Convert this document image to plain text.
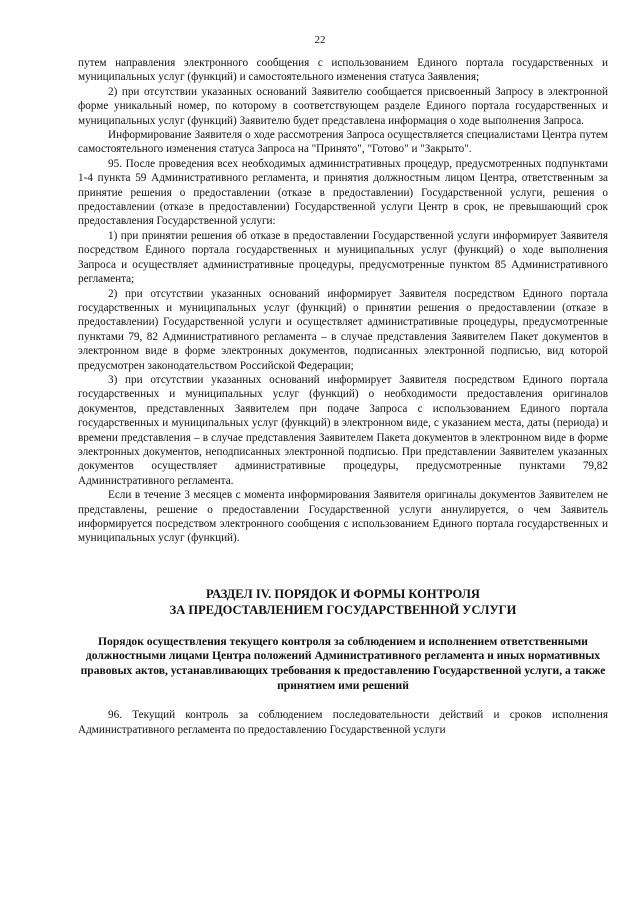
22

путем направления электронного сообщения с использованием Единого портала государственных и муниципальных услуг (функций) и самостоятельного изменения статуса Заявления;

2) при отсутствии указанных оснований Заявителю сообщается присвоенный Запросу в электронной форме уникальный номер, по которому в соответствующем разделе Единого портала государственных и муниципальных услуг (функций) Заявителю будет представлена информация о ходе выполнения Запроса.

Информирование Заявителя о ходе рассмотрения Запроса осуществляется специалистами Центра путем самостоятельного изменения статуса Запроса на "Принято", "Готово" и "Закрыто".

95. После проведения всех необходимых административных процедур, предусмотренных подпунктами 1-4 пункта 59 Административного регламента, и принятия должностным лицом Центра, ответственным за принятие решения о предоставлении (отказе в предоставлении) Государственной услуги, решения о предоставлении (отказе в предоставлении) Государственной услуги Центр в срок, не превышающий срок предоставления Государственной услуги:

1) при принятии решения об отказе в предоставлении Государственной услуги информирует Заявителя посредством Единого портала государственных и муниципальных услуг (функций) о ходе выполнения Запроса и осуществляет административные процедуры, предусмотренные пунктом 85 Административного регламента;

2) при отсутствии указанных оснований информирует Заявителя посредством Единого портала государственных и муниципальных услуг (функций) о принятии решения о предоставлении (отказе в предоставлении) Государственной услуги и осуществляет административные процедуры, предусмотренные пунктами 79, 82 Административного регламента – в случае представления Заявителем Пакет документов в электронном виде в форме электронных документов, подписанных электронной подписью, вид которой предусмотрен законодательством Российской Федерации;

3) при отсутствии указанных оснований информирует Заявителя посредством Единого портала государственных и муниципальных услуг (функций) о необходимости предоставления оригиналов документов, представленных Заявителем при подаче Запроса с использованием Единого портала государственных и муниципальных услуг (функций) в электронном виде, с указанием места, даты (периода) и времени представления – в случае представления Заявителем Пакета документов в электронном виде в форме электронных документов, неподписанных электронной подписью. При представлении Заявителем указанных документов осуществляет административные процедуры, предусмотренные пунктами 79,82 Административного регламента.

Если в течение 3 месяцев с момента информирования Заявителя оригиналы документов Заявителем не представлены, решение о предоставлении Государственной услуги аннулируется, о чем Заявитель информируется посредством электронного сообщения с использованием Единого портала государственных и муниципальных услуг (функций).

РАЗДЕЛ IV. ПОРЯДОК И ФОРМЫ КОНТРОЛЯ

ЗА ПРЕДОСТАВЛЕНИЕМ ГОСУДАРСТВЕННОЙ УСЛУГИ

Порядок осуществления текущего контроля за соблюдением и исполнением ответственными должностными лицами Центра положений Административного регламента и иных нормативных правовых актов, устанавливающих требования к предоставлению Государственной услуги, а также принятием ими решений

96. Текущий контроль за соблюдением последовательности действий и сроков исполнения Административного регламента по предоставлению Государственной услуги
